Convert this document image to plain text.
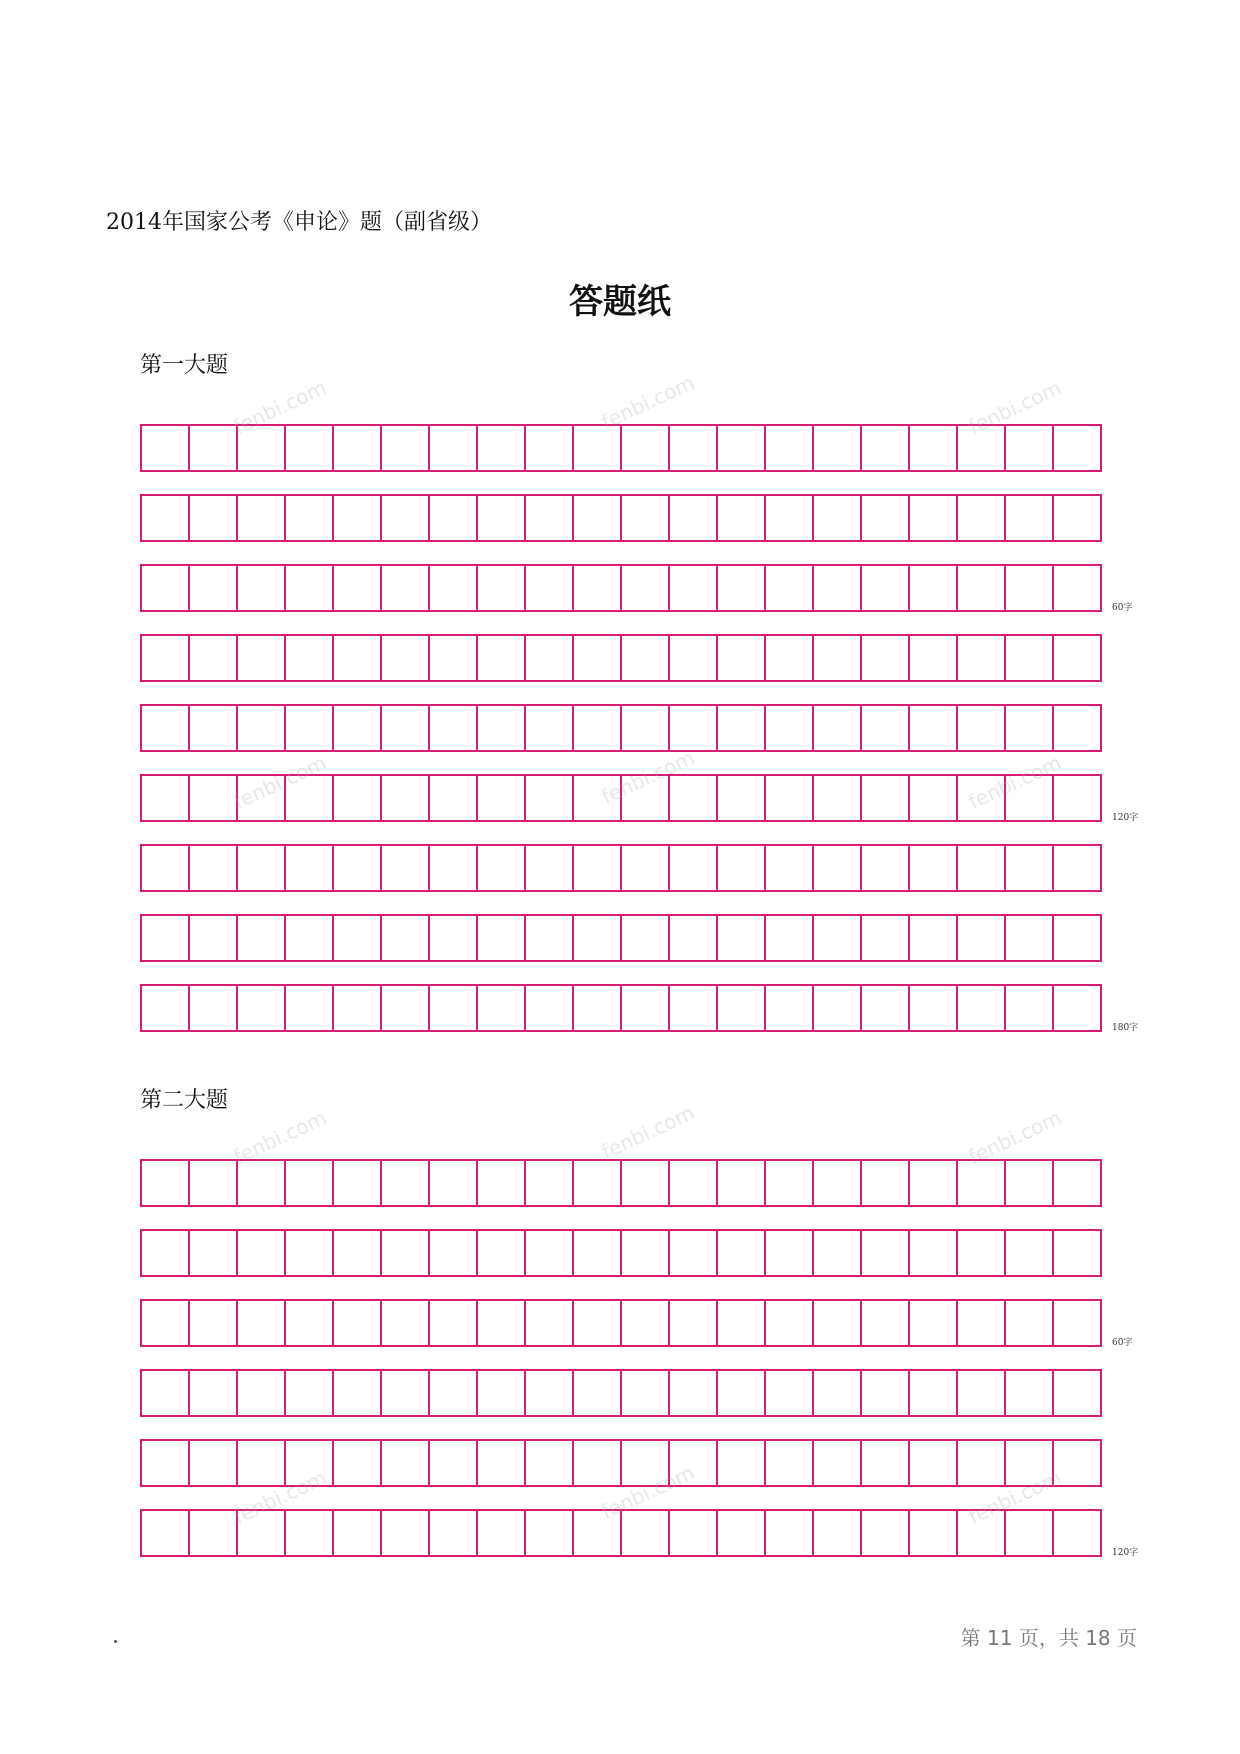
2014年国家公考《申论》题（副省级）
答题纸
第一大题
60字
120字
180字
第二大题
60字
120字
fenbi.com	fenbi.com	fenbi.com
fenbi.com	fenbi.com	fenbi.com
fenbi.com	fenbi.com	fenbi.com
fenbi.com	fenbi.com	fenbi.com
第 11 页，共 18 页
